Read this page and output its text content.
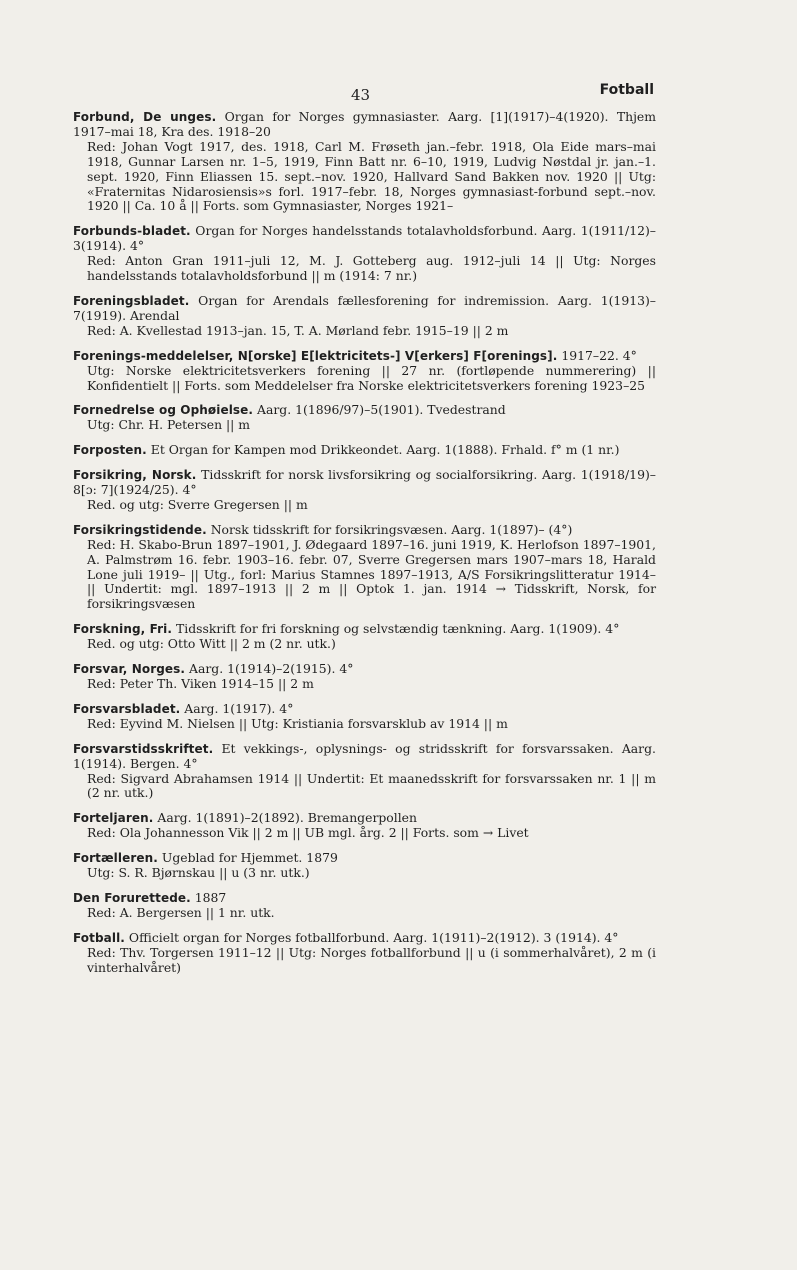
43	Fotball

Forbund, De unges. Organ for Norges gymnasiaster. Aarg. [1](1917)–4(1920). Thjem 1917–mai 18, Kra des. 1918–20

Red: Johan Vogt 1917, des. 1918, Carl M. Frøseth jan.–febr. 1918, Ola Eide mars–mai 1918, Gunnar Larsen nr. 1–5, 1919, Finn Batt nr. 6–10, 1919, Ludvig Nøstdal jr. jan.–1. sept. 1920, Finn Eliassen 15. sept.–nov. 1920, Hallvard Sand Bakken nov. 1920 || Utg: «Fraternitas Nidarosiensis»s forl. 1917–febr. 18, Norges gymnasiast-forbund sept.–nov. 1920 || Ca. 10 å || Forts. som Gymnasiaster, Norges 1921–

Forbunds-bladet. Organ for Norges handelsstands totalavholdsforbund. Aarg. 1(1911/12)–3(1914). 4°

Red: Anton Gran 1911–juli 12, M. J. Gotteberg aug. 1912–juli 14 || Utg: Norges handelsstands totalavholdsforbund || m (1914: 7 nr.)

Foreningsbladet. Organ for Arendals fællesforening for indremission. Aarg. 1(1913)–7(1919). Arendal

Red: A. Kvellestad 1913–jan. 15, T. A. Mørland febr. 1915–19 || 2 m

Forenings-meddelelser, N[orske] E[lektricitets-] V[erkers] F[orenings]. 1917–22. 4°

Utg: Norske elektricitetsverkers forening || 27 nr. (fortløpende nummerering) || Konfidentielt || Forts. som Meddelelser fra Norske elektricitetsverkers forening 1923–25

Fornedrelse og Ophøielse. Aarg. 1(1896/97)–5(1901). Tvedestrand

Utg: Chr. H. Petersen || m

Forposten. Et Organ for Kampen mod Drikkeondet. Aarg. 1(1888). Frhald. f° m (1 nr.)

Forsikring, Norsk. Tidsskrift for norsk livsforsikring og socialforsikring. Aarg. 1(1918/19)–8[ɔ: 7](1924/25). 4°

Red. og utg: Sverre Gregersen || m

Forsikringstidende. Norsk tidsskrift for forsikringsvæsen. Aarg. 1(1897)– (4°)

Red: H. Skabo-Brun 1897–1901, J. Ødegaard 1897–16. juni 1919, K. Herlofson 1897–1901, A. Palmstrøm 16. febr. 1903–16. febr. 07, Sverre Gregersen mars 1907–mars 18, Harald Lone juli 1919– || Utg., forl: Marius Stamnes 1897–1913, A/S Forsikringslitteratur 1914– || Undertit: mgl. 1897–1913 || 2 m || Optok 1. jan. 1914 → Tidsskrift, Norsk, for forsikringsvæsen

Forskning, Fri. Tidsskrift for fri forskning og selvstændig tænkning. Aarg. 1(1909). 4°

Red. og utg: Otto Witt || 2 m (2 nr. utk.)

Forsvar, Norges. Aarg. 1(1914)–2(1915). 4°

Red: Peter Th. Viken 1914–15 || 2 m

Forsvarsbladet. Aarg. 1(1917). 4°

Red: Eyvind M. Nielsen || Utg: Kristiania forsvarsklub av 1914 || m

Forsvarstidsskriftet. Et vekkings-, oplysnings- og stridsskrift for forsvarssaken. Aarg. 1(1914). Bergen. 4°

Red: Sigvard Abrahamsen 1914 || Undertit: Et maanedsskrift for forsvarssaken nr. 1 || m (2 nr. utk.)

Forteljaren. Aarg. 1(1891)–2(1892). Bremangerpollen

Red: Ola Johannesson Vik || 2 m || UB mgl. årg. 2 || Forts. som → Livet

Fortælleren. Ugeblad for Hjemmet. 1879

Utg: S. R. Bjørnskau || u (3 nr. utk.)

Den Forurettede. 1887

Red: A. Bergersen || 1 nr. utk.

Fotball. Officielt organ for Norges fotballforbund. Aarg. 1(1911)–2(1912). 3 (1914). 4°

Red: Thv. Torgersen 1911–12 || Utg: Norges fotballforbund || u (i sommerhalvåret), 2 m (i vinterhalvåret)
